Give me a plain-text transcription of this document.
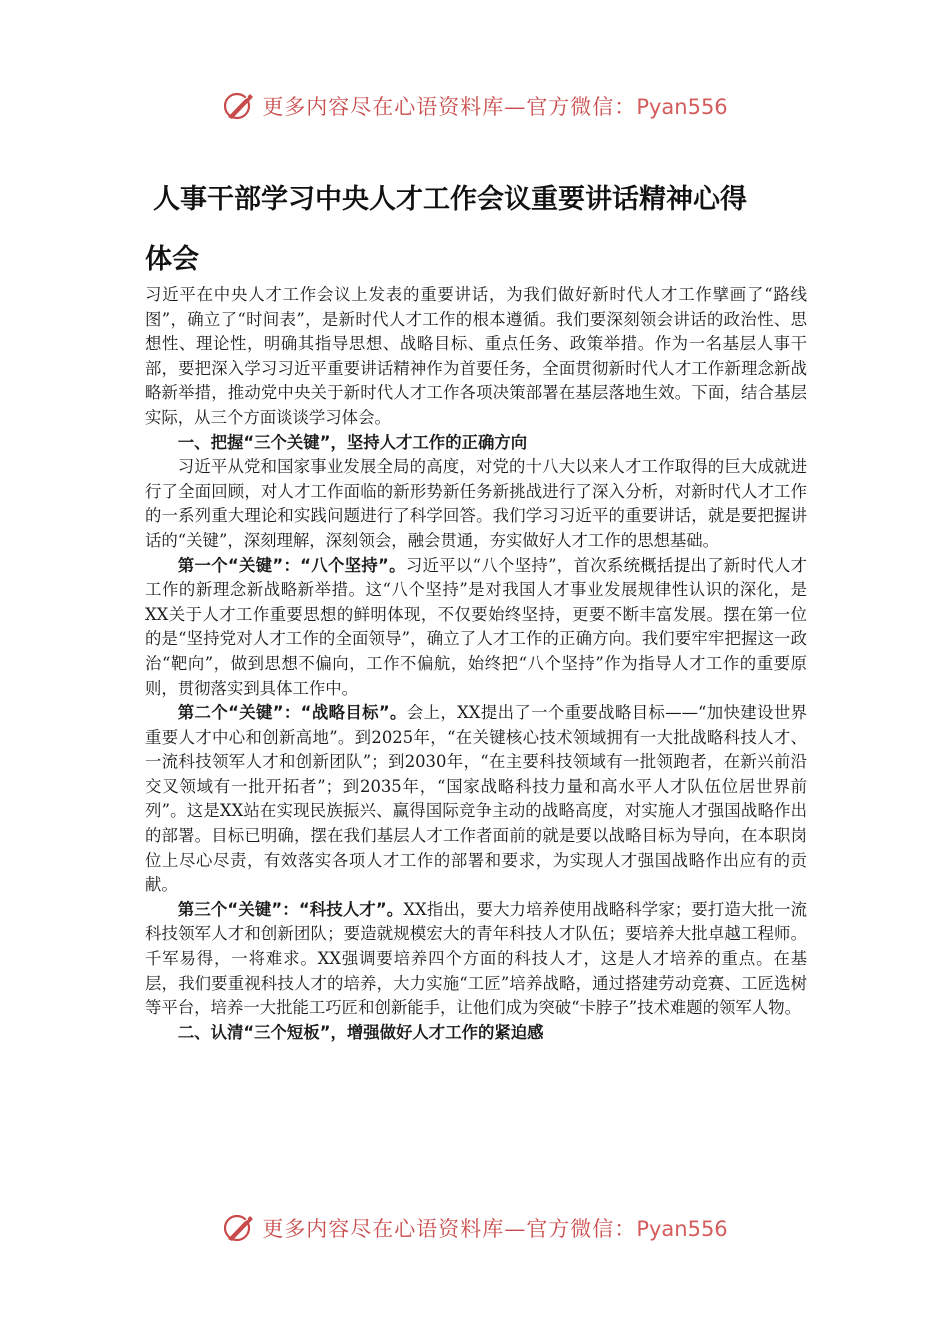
更多内容尽在心语资料库—官方微信：Pyan556
人事干部学习中央人才工作会议重要讲话精神心得
体会

习近平在中央人才工作会议上发表的重要讲话，为我们做好新时代人才工作擘画了“路线图”，确立了“时间表”，是新时代人才工作的根本遵循。我们要深刻领会讲话的政治性、思想性、理论性，明确其指导思想、战略目标、重点任务、政策举措。作为一名基层人事干部，要把深入学习习近平重要讲话精神作为首要任务，全面贯彻新时代人才工作新理念新战略新举措，推动党中央关于新时代人才工作各项决策部署在基层落地生效。下面，结合基层实际，从三个方面谈谈学习体会。

一、把握“三个关键”，坚持人才工作的正确方向

习近平从党和国家事业发展全局的高度，对党的十八大以来人才工作取得的巨大成就进行了全面回顾，对人才工作面临的新形势新任务新挑战进行了深入分析，对新时代人才工作的一系列重大理论和实践问题进行了科学回答。我们学习习近平的重要讲话，就是要把握讲话的“关键”，深刻理解，深刻领会，融会贯通，夯实做好人才工作的思想基础。

第一个“关键”：“八个坚持”。习近平以“八个坚持”，首次系统概括提出了新时代人才工作的新理念新战略新举措。这“八个坚持”是对我国人才事业发展规律性认识的深化，是XX关于人才工作重要思想的鲜明体现，不仅要始终坚持，更要不断丰富发展。摆在第一位的是“坚持党对人才工作的全面领导”，确立了人才工作的正确方向。我们要牢牢把握这一政治“靶向”，做到思想不偏向，工作不偏航，始终把“八个坚持”作为指导人才工作的重要原则，贯彻落实到具体工作中。

第二个“关键”：“战略目标”。会上，XX提出了一个重要战略目标——“加快建设世界重要人才中心和创新高地”。到2025年，“在关键核心技术领域拥有一大批战略科技人才、一流科技领军人才和创新团队”；到2030年，“在主要科技领域有一批领跑者，在新兴前沿交叉领域有一批开拓者”；到2035年，“国家战略科技力量和高水平人才队伍位居世界前列”。这是XX站在实现民族振兴、赢得国际竞争主动的战略高度，对实施人才强国战略作出的部署。目标已明确，摆在我们基层人才工作者面前的就是要以战略目标为导向，在本职岗位上尽心尽责，有效落实各项人才工作的部署和要求，为实现人才强国战略作出应有的贡献。

第三个“关键”：“科技人才”。XX指出，要大力培养使用战略科学家；要打造大批一流科技领军人才和创新团队；要造就规模宏大的青年科技人才队伍；要培养大批卓越工程师。千军易得，一将难求。XX强调要培养四个方面的科技人才，这是人才培养的重点。在基层，我们要重视科技人才的培养，大力实施“工匠”培养战略，通过搭建劳动竞赛、工匠选树等平台，培养一大批能工巧匠和创新能手，让他们成为突破“卡脖子”技术难题的领军人物。

二、认清“三个短板”，增强做好人才工作的紧迫感

更多内容尽在心语资料库—官方微信：Pyan556
